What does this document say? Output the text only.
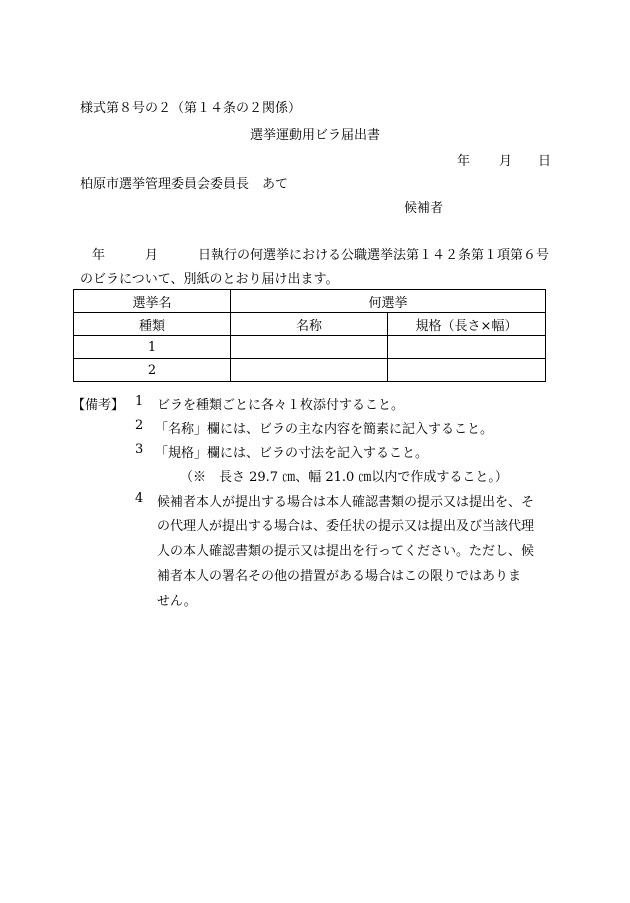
様式第８号の２（第１４条の２関係）
選挙運動用ビラ届出書
年 月 日
柏原市選挙管理委員会委員長　あて
候補者
年	月	日執行の何選挙における公職選挙法第１４２条第１項第６号
のビラについて、別紙のとおり届け出ます。
選挙名	何選挙	
種類	名称	規格（長さ×幅）
1		
2		
【備考】 1 ビラを種類ごとに各々１枚添付すること。
2 「名称」欄には、ビラの主な内容を簡素に記入すること。
3 「規格」欄には、ビラの寸法を記入すること。
（※　長さ 29.7 ㎝、幅 21.0 ㎝以内で作成すること。）
4 候補者本人が提出する場合は本人確認書類の提示又は提出を、そ
の代理人が提出する場合は、委任状の提示又は提出及び当該代理
人の本人確認書類の提示又は提出を行ってください。ただし、候
補者本人の署名その他の措置がある場合はこの限りではありま
せん。
